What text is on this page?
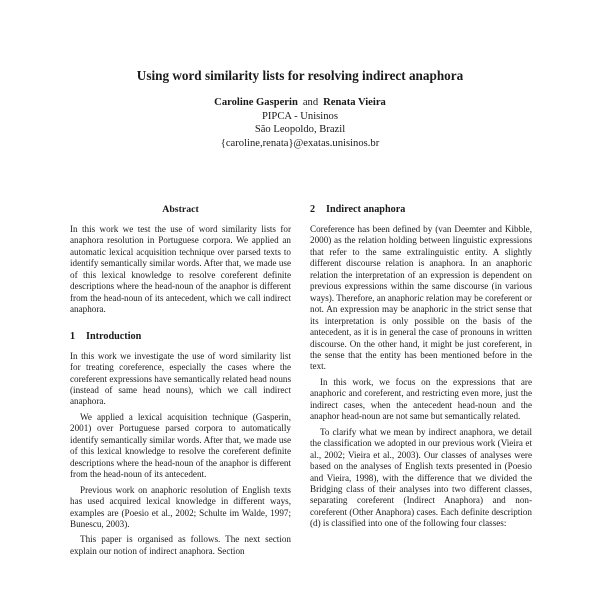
Using word similarity lists for resolving indirect anaphora
Caroline Gasperin and Renata Vieira
PIPCA - Unisinos
São Leopoldo, Brazil
{caroline,renata}@exatas.unisinos.br
Abstract

In this work we test the use of word similarity lists for anaphora resolution in Portuguese corpora. We applied an automatic lexical acquisition technique over parsed texts to identify semantically similar words. After that, we made use of this lexical knowledge to resolve coreferent definite descriptions where the head-noun of the anaphor is different from the head-noun of its antecedent, which we call indirect anaphora.

1 Introduction

In this work we investigate the use of word similarity list for treating coreference, especially the cases where the coreferent expressions have semantically related head nouns (instead of same head nouns), which we call indirect anaphora.

We applied a lexical acquisition technique (Gasperin, 2001) over Portuguese parsed corpora to automatically identify semantically similar words. After that, we made use of this lexical knowledge to resolve the coreferent definite descriptions where the head-noun of the anaphor is different from the head-noun of its antecedent.

Previous work on anaphoric resolution of English texts has used acquired lexical knowledge in different ways, examples are (Poesio et al., 2002; Schulte im Walde, 1997; Bunescu, 2003).

This paper is organised as follows. The next section explain our notion of indirect anaphora. Section

2 Indirect anaphora

Coreference has been defined by (van Deemter and Kibble, 2000) as the relation holding between linguistic expressions that refer to the same extralinguistic entity. A slightly different discourse relation is anaphora. In an anaphoric relation the interpretation of an expression is dependent on previous expressions within the same discourse (in various ways). Therefore, an anaphoric relation may be coreferent or not. An expression may be anaphoric in the strict sense that its interpretation is only possible on the basis of the antecedent, as it is in general the case of pronouns in written discourse. On the other hand, it might be just coreferent, in the sense that the entity has been mentioned before in the text.

In this work, we focus on the expressions that are anaphoric and coreferent, and restricting even more, just the indirect cases, when the antecedent head-noun and the anaphor head-noun are not same but semantically related.

To clarify what we mean by indirect anaphora, we detail the classification we adopted in our previous work (Vieira et al., 2002; Vieira et al., 2003). Our classes of analyses were based on the analyses of English texts presented in (Poesio and Vieira, 1998), with the difference that we divided the Bridging class of their analyses into two different classes, separating coreferent (Indirect Anaphora) and non-coreferent (Other Anaphora) cases. Each definite description (d) is classified into one of the following four classes:
